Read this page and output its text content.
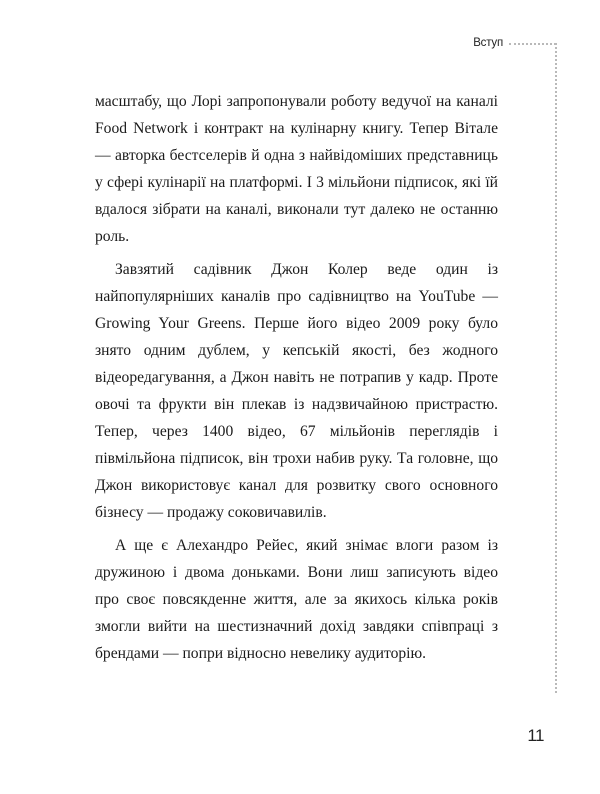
Вступ

масштабу, що Лорі запропонували роботу ведучої на каналі Food Network і контракт на кулінарну книгу. Тепер Вітале — авторка бестселерів й одна з найвідоміших представниць у сфері кулінарії на платформі. І 3 мільйони підписок, які їй вдалося зібрати на каналі, виконали тут далеко не останню роль.

Завзятий садівник Джон Колер веде один із найпопулярніших каналів про садівництво на YouTube — Growing Your Greens. Перше його відео 2009 року було знято одним дублем, у кепській якості, без жодного відеоредагування, а Джон навіть не потрапив у кадр. Проте овочі та фрукти він плекав із надзвичайною пристрастю. Тепер, через 1400 відео, 67 мільйонів переглядів і півмільйона підписок, він трохи набив руку. Та головне, що Джон використовує канал для розвитку свого основного бізнесу — продажу соковичавилів.

А ще є Алехандро Рейес, який знімає влоги разом із дружиною і двома доньками. Вони лиш записують відео про своє повсякденне життя, але за якихось кілька років змогли вийти на шестизначний дохід завдяки співпраці з брендами — попри відносно невелику аудиторію.

11
